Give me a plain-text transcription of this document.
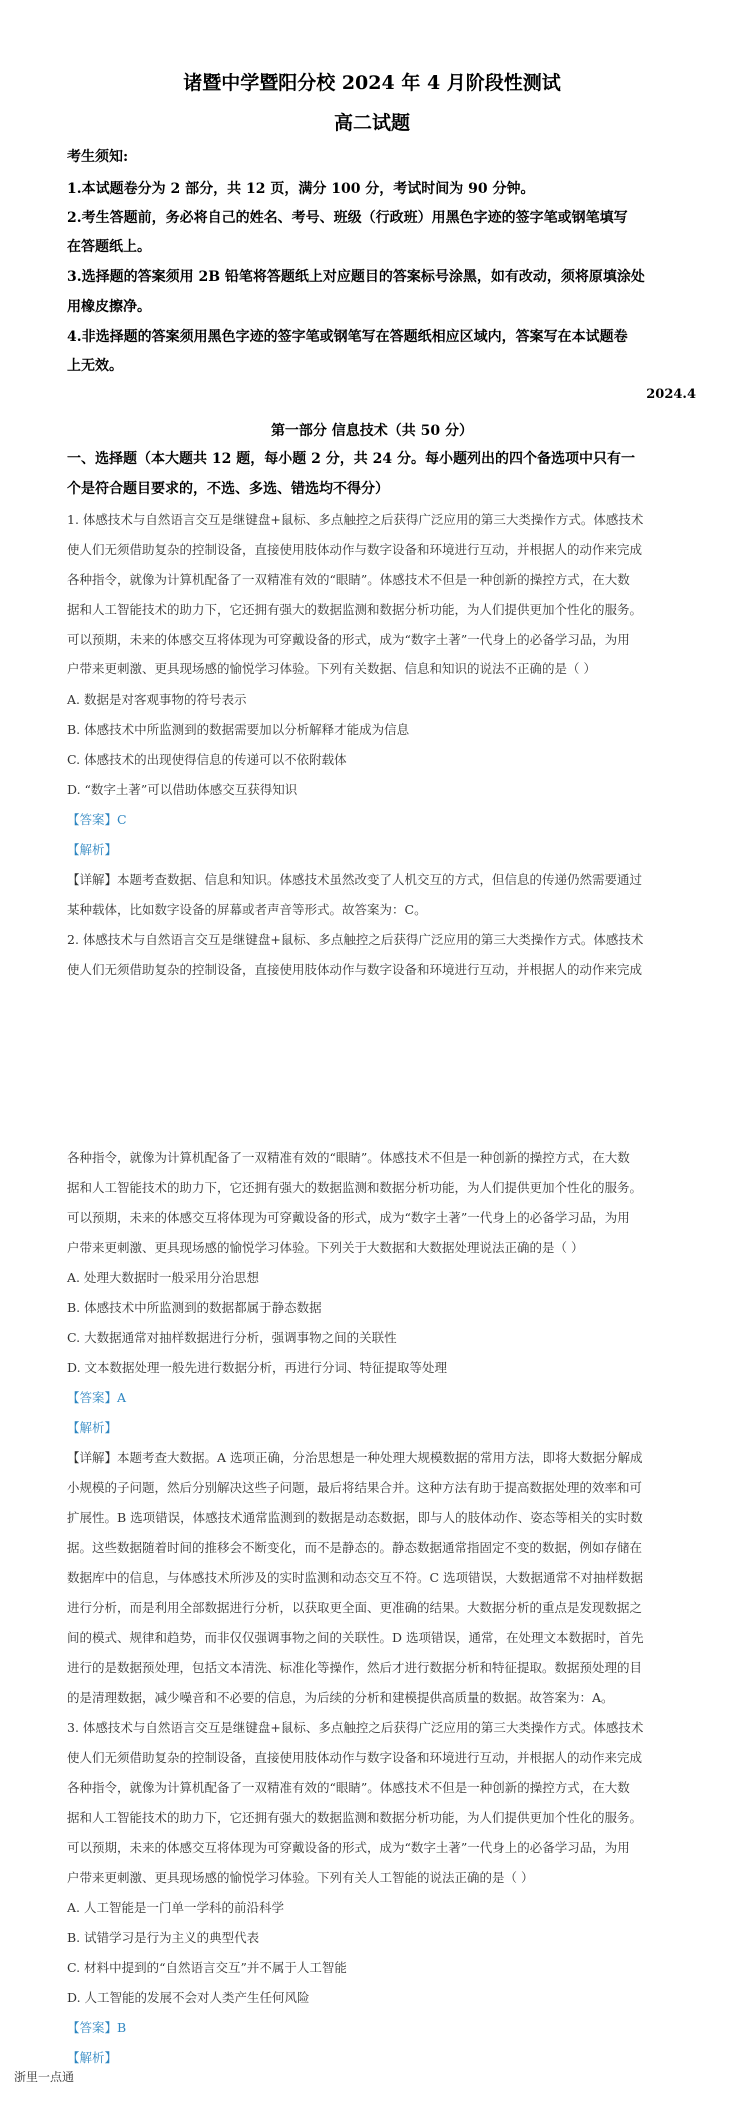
诸暨中学暨阳分校 2024 年 4 月阶段性测试
高二试题
考生须知:
1.本试题卷分为 2 部分，共 12 页，满分 100 分，考试时间为 90 分钟。
2.考生答题前，务必将自己的姓名、考号、班级（行政班）用黑色字迹的签字笔或钢笔填写
在答题纸上。
3.选择题的答案须用 2B 铅笔将答题纸上对应题目的答案标号涂黑，如有改动，须将原填涂处
用橡皮擦净。
4.非选择题的答案须用黑色字迹的签字笔或钢笔写在答题纸相应区域内，答案写在本试题卷
上无效。
2024.4
第一部分 信息技术（共 50 分）
一、选择题（本大题共 12 题，每小题 2 分，共 24 分。每小题列出的四个备选项中只有一
个是符合题目要求的，不选、多选、错选均不得分）
1. 体感技术与自然语言交互是继键盘+鼠标、多点触控之后获得广泛应用的第三大类操作方式。体感技术
使人们无须借助复杂的控制设备，直接使用肢体动作与数字设备和环境进行互动，并根据人的动作来完成
各种指令，就像为计算机配备了一双精准有效的“眼睛”。体感技术不但是一种创新的操控方式，在大数
据和人工智能技术的助力下，它还拥有强大的数据监测和数据分析功能，为人们提供更加个性化的服务。
可以预期，未来的体感交互将体现为可穿戴设备的形式，成为“数字土著”一代身上的必备学习品，为用
户带来更刺激、更具现场感的愉悦学习体验。下列有关数据、信息和知识的说法不正确的是（ ）
A. 数据是对客观事物的符号表示
B. 体感技术中所监测到的数据需要加以分析解释才能成为信息
C. 体感技术的出现使得信息的传递可以不依附载体
D. “数字土著”可以借助体感交互获得知识
【答案】C
【解析】
【详解】本题考查数据、信息和知识。体感技术虽然改变了人机交互的方式，但信息的传递仍然需要通过
某种载体，比如数字设备的屏幕或者声音等形式。故答案为：C。
2. 体感技术与自然语言交互是继键盘+鼠标、多点触控之后获得广泛应用的第三大类操作方式。体感技术
使人们无须借助复杂的控制设备，直接使用肢体动作与数字设备和环境进行互动，并根据人的动作来完成
各种指令，就像为计算机配备了一双精准有效的“眼睛”。体感技术不但是一种创新的操控方式，在大数
据和人工智能技术的助力下，它还拥有强大的数据监测和数据分析功能，为人们提供更加个性化的服务。
可以预期，未来的体感交互将体现为可穿戴设备的形式，成为“数字土著”一代身上的必备学习品，为用
户带来更刺激、更具现场感的愉悦学习体验。下列关于大数据和大数据处理说法正确的是（ ）
A. 处理大数据时一般采用分治思想
B. 体感技术中所监测到的数据都属于静态数据
C. 大数据通常对抽样数据进行分析，强调事物之间的关联性
D. 文本数据处理一般先进行数据分析，再进行分词、特征提取等处理
【答案】A
【解析】
【详解】本题考查大数据。A 选项正确，分治思想是一种处理大规模数据的常用方法，即将大数据分解成
小规模的子问题，然后分别解决这些子问题，最后将结果合并。这种方法有助于提高数据处理的效率和可
扩展性。B 选项错误，体感技术通常监测到的数据是动态数据，即与人的肢体动作、姿态等相关的实时数
据。这些数据随着时间的推移会不断变化，而不是静态的。静态数据通常指固定不变的数据，例如存储在
数据库中的信息，与体感技术所涉及的实时监测和动态交互不符。C 选项错误，大数据通常不对抽样数据
进行分析，而是利用全部数据进行分析，以获取更全面、更准确的结果。大数据分析的重点是发现数据之
间的模式、规律和趋势，而非仅仅强调事物之间的关联性。D 选项错误，通常，在处理文本数据时，首先
进行的是数据预处理，包括文本清洗、标准化等操作，然后才进行数据分析和特征提取。数据预处理的目
的是清理数据，减少噪音和不必要的信息，为后续的分析和建模提供高质量的数据。故答案为：A。
3. 体感技术与自然语言交互是继键盘+鼠标、多点触控之后获得广泛应用的第三大类操作方式。体感技术
使人们无须借助复杂的控制设备，直接使用肢体动作与数字设备和环境进行互动，并根据人的动作来完成
各种指令，就像为计算机配备了一双精准有效的“眼睛”。体感技术不但是一种创新的操控方式，在大数
据和人工智能技术的助力下，它还拥有强大的数据监测和数据分析功能，为人们提供更加个性化的服务。
可以预期，未来的体感交互将体现为可穿戴设备的形式，成为“数字土著”一代身上的必备学习品，为用
户带来更刺激、更具现场感的愉悦学习体验。下列有关人工智能的说法正确的是（ ）
A. 人工智能是一门单一学科的前沿科学
B. 试错学习是行为主义的典型代表
C. 材料中提到的“自然语言交互”并不属于人工智能
D. 人工智能的发展不会对人类产生任何风险
【答案】B
【解析】
浙里一点通
